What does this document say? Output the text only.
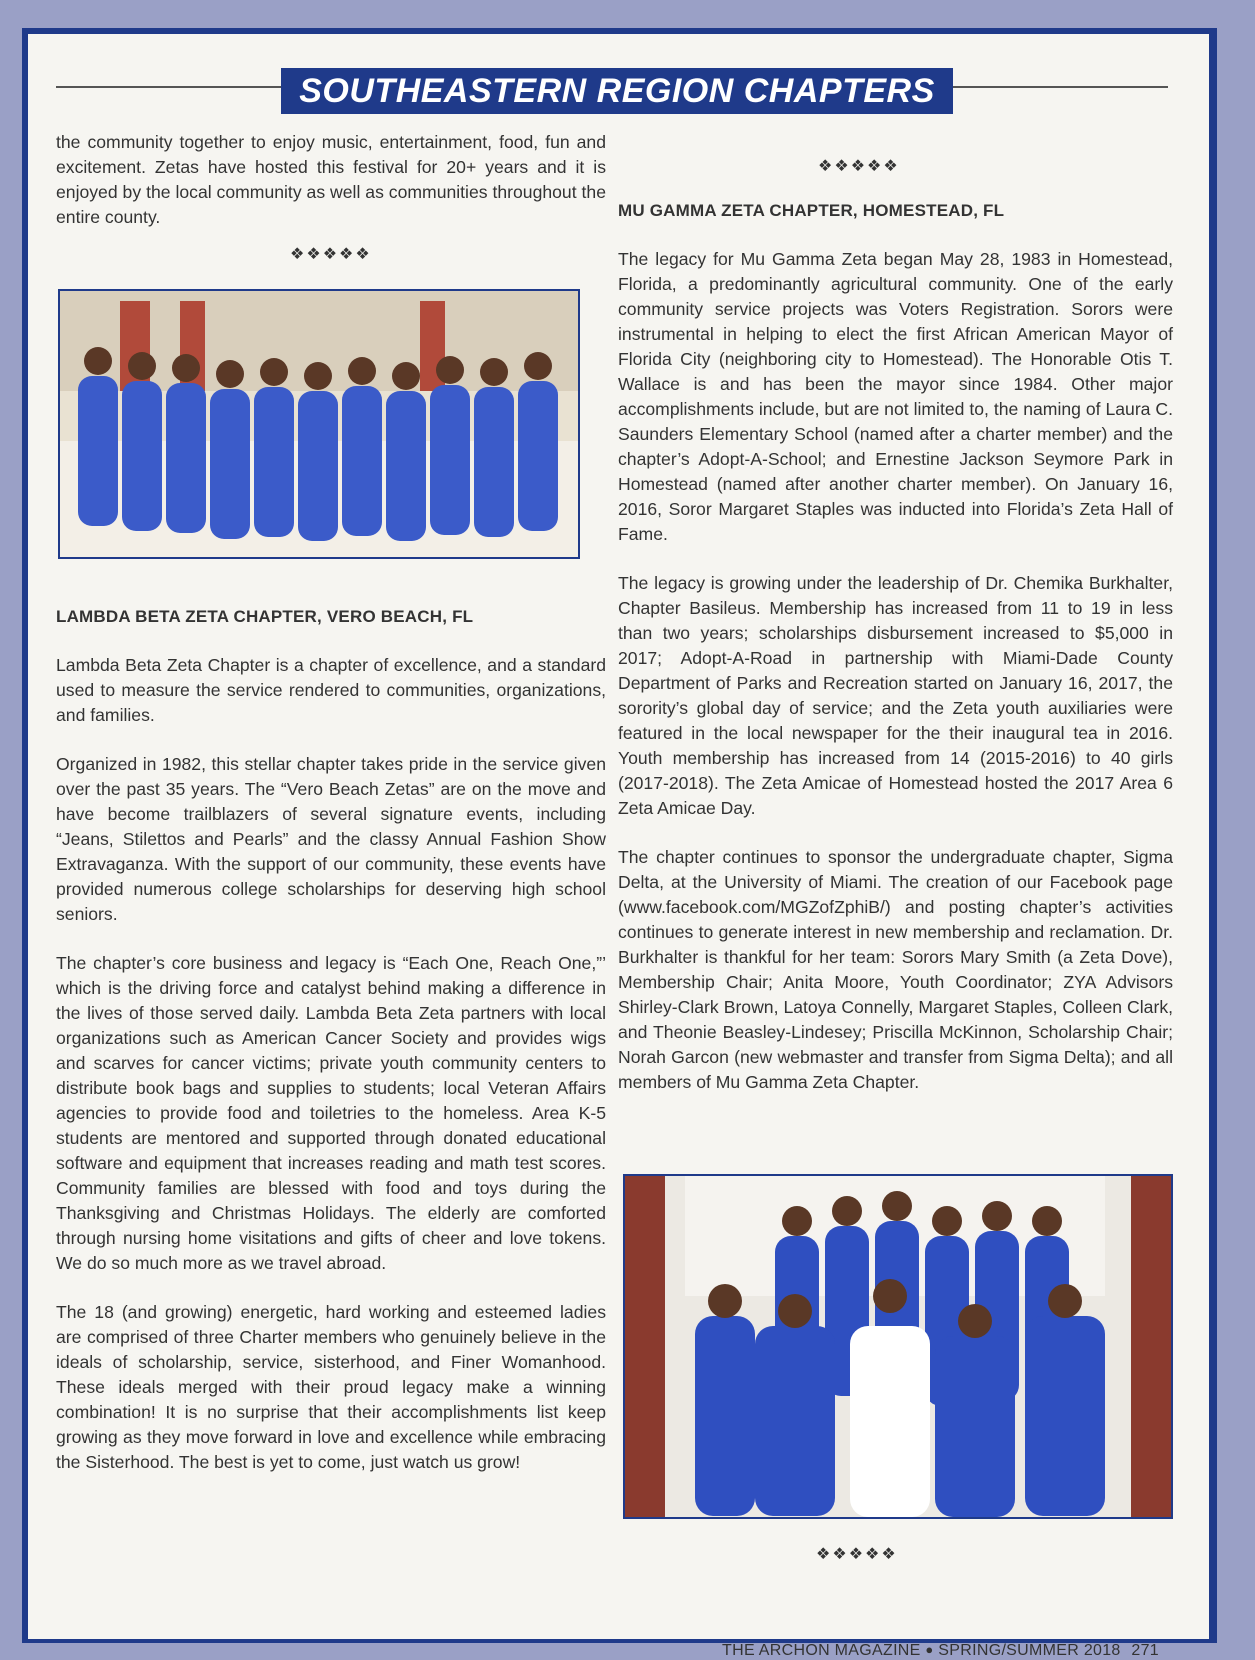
SOUTHEASTERN REGION CHAPTERS

the community together to enjoy music, entertainment, food, fun and excitement. Zetas have hosted this festival for 20+ years and it is enjoyed by the local community as well as communities throughout the entire county.

❖❖❖❖❖
LAMBDA BETA ZETA CHAPTER, VERO BEACH, FL

Lambda Beta Zeta Chapter is a chapter of excellence, and a standard used to measure the service rendered to communities, organizations, and families.

Organized in 1982, this stellar chapter takes pride in the service given over the past 35 years. The “Vero Beach Zetas” are on the move and have become trailblazers of several signature events, including “Jeans, Stilettos and Pearls” and the classy Annual Fashion Show Extravaganza. With the support of our community, these events have provided numerous college scholarships for deserving high school seniors.

The chapter’s core business and legacy is “Each One, Reach One,”’ which is the driving force and catalyst behind making a difference in the lives of those served daily. Lambda Beta Zeta partners with local organizations such as American Cancer Society and provides wigs and scarves for cancer victims; private youth community centers to distribute book bags and supplies to students; local Veteran Affairs agencies to provide food and toiletries to the homeless. Area K-5 students are mentored and supported through donated educational software and equipment that increases reading and math test scores. Community families are blessed with food and toys during the Thanksgiving and Christmas Holidays. The elderly are comforted through nursing home visitations and gifts of cheer and love tokens. We do so much more as we travel abroad.

The 18 (and growing) energetic, hard working and esteemed ladies are comprised of three Charter members who genuinely believe in the ideals of scholarship, service, sisterhood, and Finer Womanhood. These ideals merged with their proud legacy make a winning combination! It is no surprise that their accomplishments list keep growing as they move forward in love and excellence while embracing the Sisterhood. The best is yet to come, just watch us grow!

❖❖❖❖❖
MU GAMMA ZETA CHAPTER, HOMESTEAD, FL

The legacy for Mu Gamma Zeta began May 28, 1983 in Homestead, Florida, a predominantly agricultural community. One of the early community service projects was Voters Registration. Sorors were instrumental in helping to elect the first African American Mayor of Florida City (neighboring city to Homestead). The Honorable Otis T. Wallace is and has been the mayor since 1984. Other major accomplishments include, but are not limited to, the naming of Laura C. Saunders Elementary School (named after a charter member) and the chapter’s Adopt-A-School; and Ernestine Jackson Seymore Park in Homestead (named after another charter member). On January 16, 2016, Soror Margaret Staples was inducted into Florida’s Zeta Hall of Fame.

The legacy is growing under the leadership of Dr. Chemika Burkhalter, Chapter Basileus. Membership has increased from 11 to 19 in less than two years; scholarships disbursement increased to $5,000 in 2017; Adopt-A-Road in partnership with Miami-Dade County Department of Parks and Recreation started on January 16, 2017, the sorority’s global day of service; and the Zeta youth auxiliaries were featured in the local newspaper for the their inaugural tea in 2016. Youth membership has increased from 14 (2015-2016) to 40 girls (2017-2018). The Zeta Amicae of Homestead hosted the 2017 Area 6 Zeta Amicae Day.

The chapter continues to sponsor the undergraduate chapter, Sigma Delta, at the University of Miami. The creation of our Facebook page (www.facebook.com/MGZofZphiB/) and posting chapter’s activities continues to generate interest in new membership and reclamation. Dr. Burkhalter is thankful for her team: Sorors Mary Smith (a Zeta Dove), Membership Chair; Anita Moore, Youth Coordinator; ZYA Advisors Shirley-Clark Brown, Latoya Connelly, Margaret Staples, Colleen Clark, and Theonie Beasley-Lindesey; Priscilla McKinnon, Scholarship Chair; Norah Garcon (new webmaster and transfer from Sigma Delta); and all members of Mu Gamma Zeta Chapter.

❖❖❖❖❖
THE ARCHON MAGAZINE ● SPRING/SUMMER 2018 271
